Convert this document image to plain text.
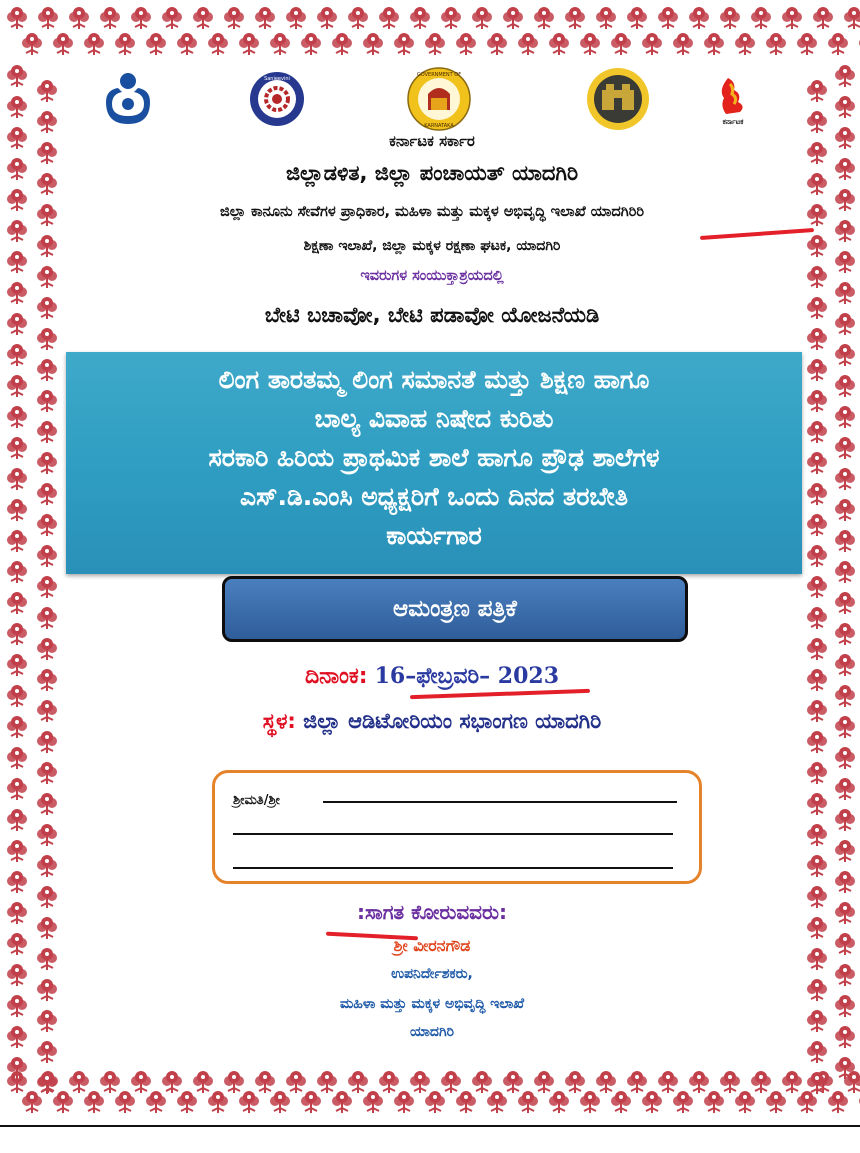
Sanjeevini
GOVERNMENT OF
KARNATAKA	ಕರ್ನಾಟಕ
ಕರ್ನಾಟಕ ಸರ್ಕಾರ
ಜಿಲ್ಲಾಡಳಿತ, ಜಿಲ್ಲಾ ಪಂಚಾಯತ್ ಯಾದಗಿರಿ
ಜಿಲ್ಲಾ ಕಾನೂನು ಸೇವೆಗಳ ಪ್ರಾಧಿಕಾರ, ಮಹಿಳಾ ಮತ್ತು ಮಕ್ಕಳ ಅಭಿವೃದ್ಧಿ ಇಲಾಖೆ ಯಾದಗಿರಿರಿ
ಶಿಕ್ಷಣಾ ಇಲಾಖೆ, ಜಿಲ್ಲಾ ಮಕ್ಕಳ ರಕ್ಷಣಾ ಘಟಕ, ಯಾದಗಿರಿ
ಇವರುಗಳ ಸಂಯುಕ್ತಾಶ್ರಯದಲ್ಲಿ
ಬೇಟಿ ಬಚಾವೋ, ಬೇಟಿ ಪಡಾವೋ ಯೋಜನೆಯಡಿ
ಲಿಂಗ ತಾರತಮ್ಮ ಲಿಂಗ ಸಮಾನತೆ ಮತ್ತು ಶಿಕ್ಷಣ ಹಾಗೂ
ಬಾಲ್ಯ ವಿವಾಹ ನಿಷೇದ ಕುರಿತು
ಸರಕಾರಿ ಹಿರಿಯ ಪ್ರಾಥಮಿಕ ಶಾಲೆ ಹಾಗೂ ಪ್ರೌಢ ಶಾಲೆಗಳ
ಎಸ್.ಡಿ.ಎಂಸಿ ಅಧ್ಯಕ್ಷರಿಗೆ ಒಂದು ದಿನದ ತರಬೇತಿ
ಕಾರ್ಯಗಾರ
ಆಮಂತ್ರಣ ಪತ್ರಿಕೆ
ದಿನಾಂಕ: 16–ಫೇಬ್ರವರಿ– 2023
ಸ್ಥಳ: ಜಿಲ್ಲಾ ಆಡಿಟೋರಿಯಂ ಸಭಾಂಗಣ ಯಾದಗಿರಿ
ಶ್ರೀಮತಿ/ಶ್ರೀ
:ಸಾಗತ ಕೋರುವವರು:
ಶ್ರೀ ವೀರನಗೌಡ
ಉಪನಿರ್ದೇಶಕರು,
ಮಹಿಳಾ ಮತ್ತು ಮಕ್ಕಳ ಅಭಿವೃದ್ಧಿ ಇಲಾಖೆ
ಯಾದಗಿರಿ
